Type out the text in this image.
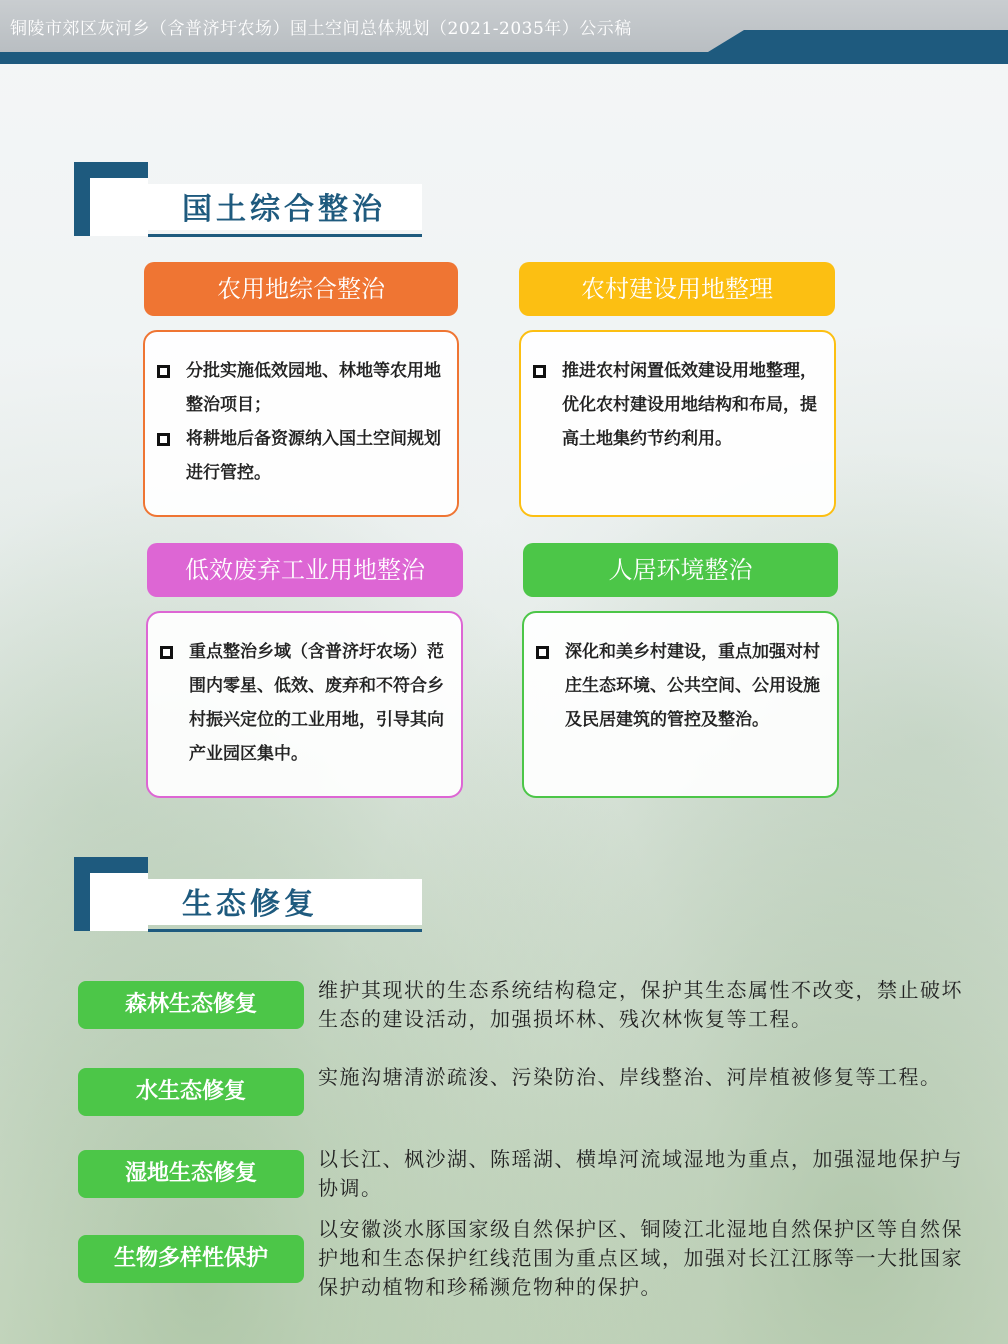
铜陵市郊区灰河乡（含普济圩农场）国土空间总体规划（2021-2035年）公示稿
国土综合整治
农用地综合整治
分批实施低效园地、林地等农用地整治项目；
将耕地后备资源纳入国土空间规划进行管控。
农村建设用地整理
推进农村闲置低效建设用地整理，优化农村建设用地结构和布局，提高土地集约节约利用。
低效废弃工业用地整治
重点整治乡域（含普济圩农场）范围内零星、低效、废弃和不符合乡村振兴定位的工业用地，引导其向产业园区集中。
人居环境整治
深化和美乡村建设，重点加强对村庄生态环境、公共空间、公用设施及民居建筑的管控及整治。
生态修复
森林生态修复
维护其现状的生态系统结构稳定，保护其生态属性不改变，禁止破坏生态的建设活动，加强损坏林、残次林恢复等工程。
水生态修复
实施沟塘清淤疏浚、污染防治、岸线整治、河岸植被修复等工程。
湿地生态修复
以长江、枫沙湖、陈瑶湖、横埠河流域湿地为重点，加强湿地保护与协调。
生物多样性保护
以安徽淡水豚国家级自然保护区、铜陵江北湿地自然保护区等自然保护地和生态保护红线范围为重点区域，加强对长江江豚等一大批国家保护动植物和珍稀濒危物种的保护。
